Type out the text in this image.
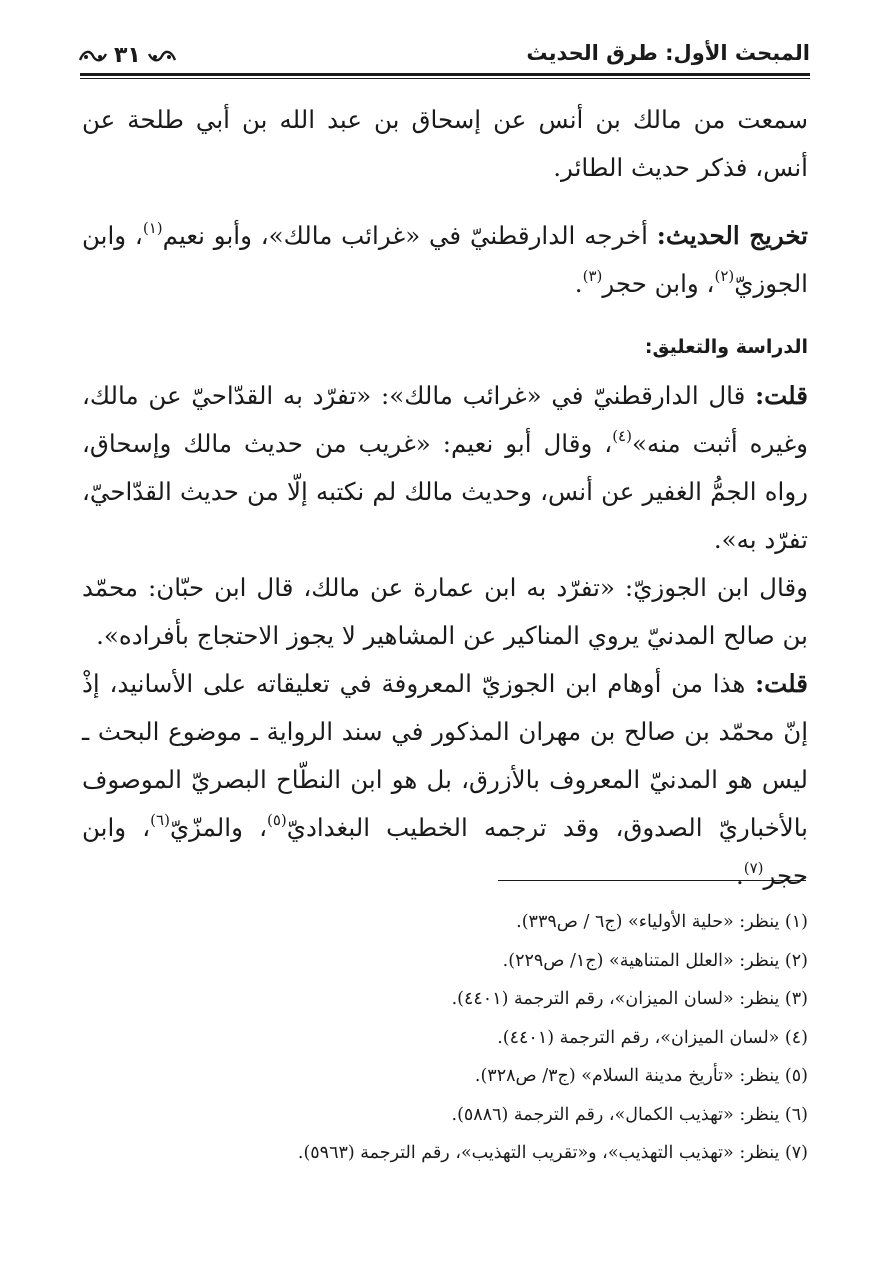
المبحث الأول: طرق الحديث
٣١

سمعت من مالك بن أنس عن إسحاق بن عبد الله بن أبي طلحة عن أنس، فذكر حديث الطائر.

تخريج الحديث: أخرجه الدارقطنيّ في «غرائب مالك»، وأبو نعيم$^{(١)}$، وابن الجوزيّ$^{(٢)}$، وابن حجر$^{(٣)}$.

الدراسة والتعليق:

قلت: قال الدارقطنيّ في «غرائب مالك»: «تفرّد به القدّاحيّ عن مالك، وغيره أثبت منه»$^{(٤)}$، وقال أبو نعيم: «غريب من حديث مالك وإسحاق، رواه الجمُّ الغفير عن أنس، وحديث مالك لم نكتبه إلّا من حديث القدّاحيّ، تفرّد به».

وقال ابن الجوزيّ: «تفرّد به ابن عمارة عن مالك، قال ابن حبّان: محمّد بن صالح المدنيّ يروي المناكير عن المشاهير لا يجوز الاحتجاج بأفراده».

قلت: هذا من أوهام ابن الجوزيّ المعروفة في تعليقاته على الأسانيد، إذْ إنّ محمّد بن صالح بن مهران المذكور في سند الرواية ـ موضوع البحث ـ ليس هو المدنيّ المعروف بالأزرق، بل هو ابن النطّاح البصريّ الموصوف بالأخباريّ الصدوق، وقد ترجمه الخطيب البغداديّ$^{(٥)}$، والمزّيّ$^{(٦)}$، وابن حجر$^{(٧)}$.

(١) ينظر: «حلية الأولياء» (ج٦ / ص٣٣٩).

(٢) ينظر: «العلل المتناهية» (ج١/ ص٢٢٩).

(٣) ينظر: «لسان الميزان»، رقم الترجمة (٤٤٠١).

(٤) «لسان الميزان»، رقم الترجمة (٤٤٠١).

(٥) ينظر: «تأريخ مدينة السلام» (ج٣/ ص٣٢٨).

(٦) ينظر: «تهذيب الكمال»، رقم الترجمة (٥٨٨٦).

(٧) ينظر: «تهذيب التهذيب»، و«تقريب التهذيب»، رقم الترجمة (٥٩٦٣).
